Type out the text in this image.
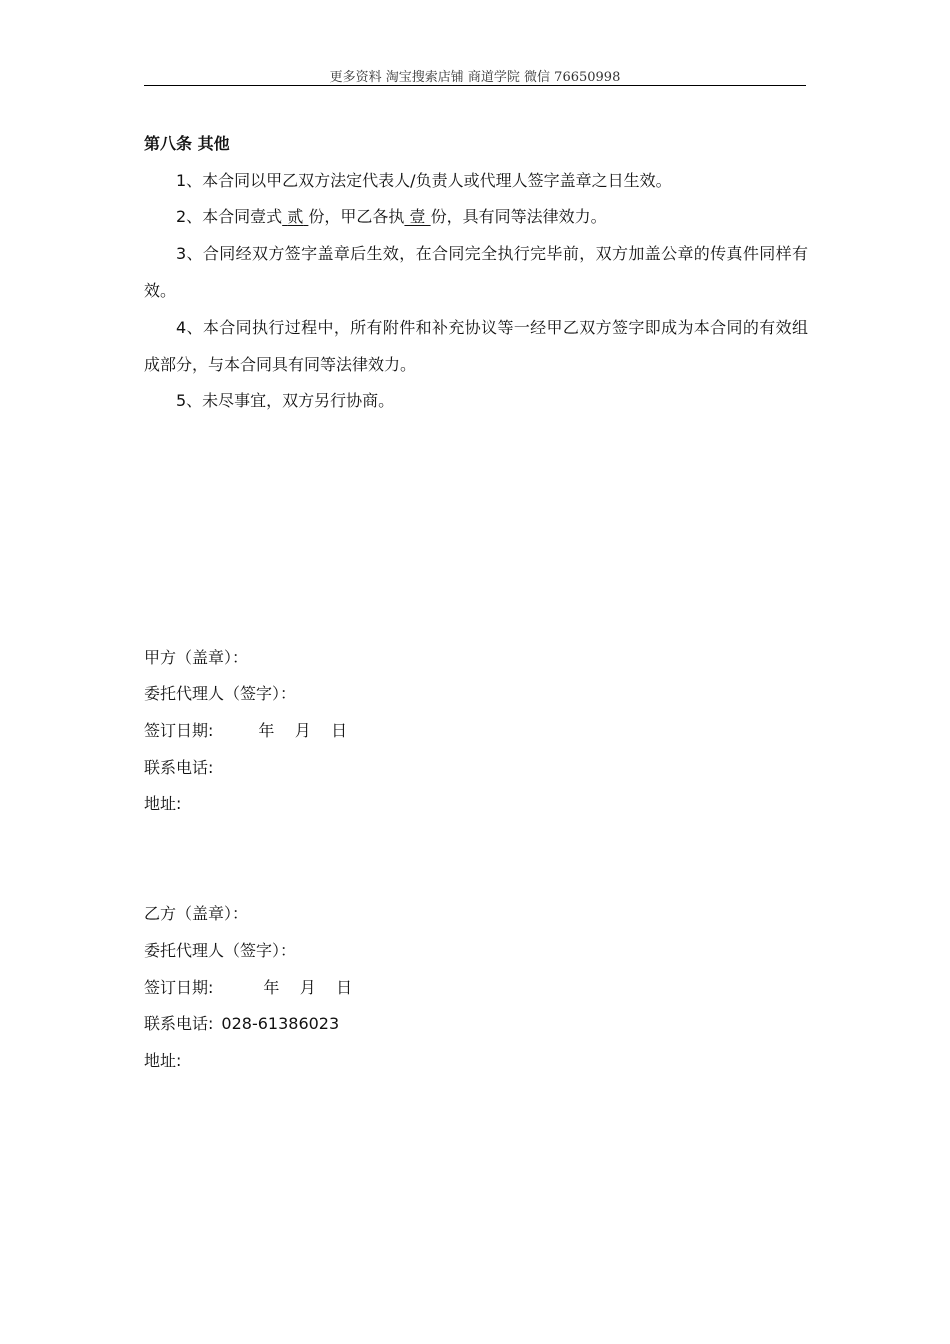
更多资料 淘宝搜索店铺 商道学院 微信 76650998
第八条 其他
1、本合同以甲乙双方法定代表人/负责人或代理人签字盖章之日生效。
2、本合同壹式 贰 份，甲乙各执 壹 份，具有同等法律效力。
3、合同经双方签字盖章后生效，在合同完全执行完毕前，双方加盖公章的传真件同样有效。
4、本合同执行过程中，所有附件和补充协议等一经甲乙双方签字即成为本合同的有效组成部分，与本合同具有同等法律效力。
5、未尽事宜，双方另行协商。
甲方（盖章）：
委托代理人（签字）：
签订日期:	年    月    日
联系电话:
地址:
乙方（盖章）：
委托代理人（签字）：
签订日期:	年    月    日
联系电话: 028-61386023
地址:
